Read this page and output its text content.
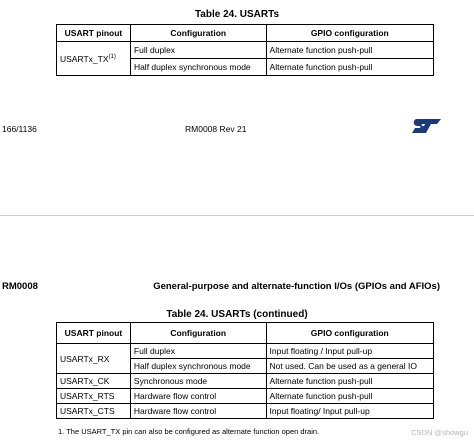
Table 24. USARTs
USART pinout	Configuration	GPIO configuration
USARTx_TX$^{(1)}$	Full duplex	Alternate function push-pull
	Half duplex synchronous mode	Alternate function push-pull
166/1136	RM0008 Rev 21
RM0008	General-purpose and alternate-function I/Os (GPIOs and AFIOs)
Table 24. USARTs (continued)
USART pinout	Configuration	GPIO configuration
USARTx_RX	Full duplex	Input floating / Input pull-up
	Half duplex synchronous mode	Not used. Can be used as a general IO
USARTx_CK	Synchronous mode	Alternate function push-pull
USARTx_RTS	Hardware flow control	Alternate function push-pull
USARTx_CTS	Hardware flow control	Input floating/ Input pull-up
1. The USART_TX pin can also be configured as alternate function open drain.	CSDN @showgu
